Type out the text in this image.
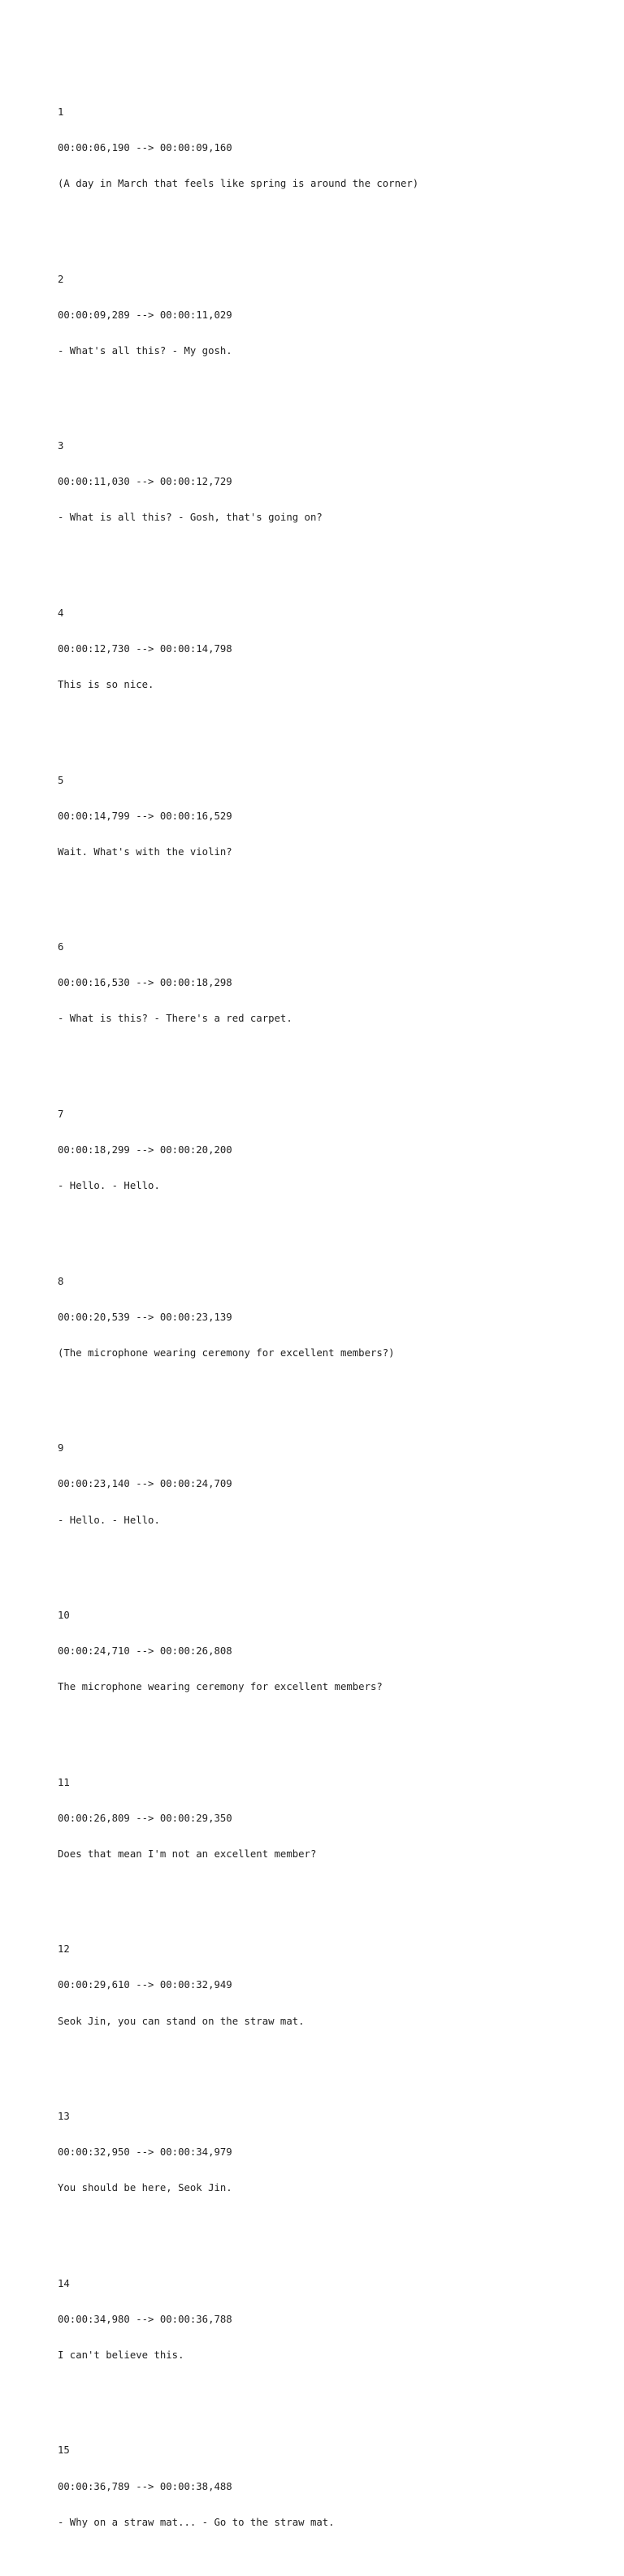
1

00:00:06,190 --> 00:00:09,160

(A day in March that feels like spring is around the corner)

2

00:00:09,289 --> 00:00:11,029

- What's all this? - My gosh.

3

00:00:11,030 --> 00:00:12,729

- What is all this? - Gosh, that's going on?

4

00:00:12,730 --> 00:00:14,798

This is so nice.

5

00:00:14,799 --> 00:00:16,529

Wait. What's with the violin?

6

00:00:16,530 --> 00:00:18,298

- What is this? - There's a red carpet.

7

00:00:18,299 --> 00:00:20,200

- Hello. - Hello.

8

00:00:20,539 --> 00:00:23,139

(The microphone wearing ceremony for excellent members?)

9

00:00:23,140 --> 00:00:24,709

- Hello. - Hello.

10

00:00:24,710 --> 00:00:26,808

The microphone wearing ceremony for excellent members?

11

00:00:26,809 --> 00:00:29,350

Does that mean I'm not an excellent member?

12

00:00:29,610 --> 00:00:32,949

Seok Jin, you can stand on the straw mat.

13

00:00:32,950 --> 00:00:34,979

You should be here, Seok Jin.

14

00:00:34,980 --> 00:00:36,788

I can't believe this.

15

00:00:36,789 --> 00:00:38,488

- Why on a straw mat... - Go to the straw mat.
